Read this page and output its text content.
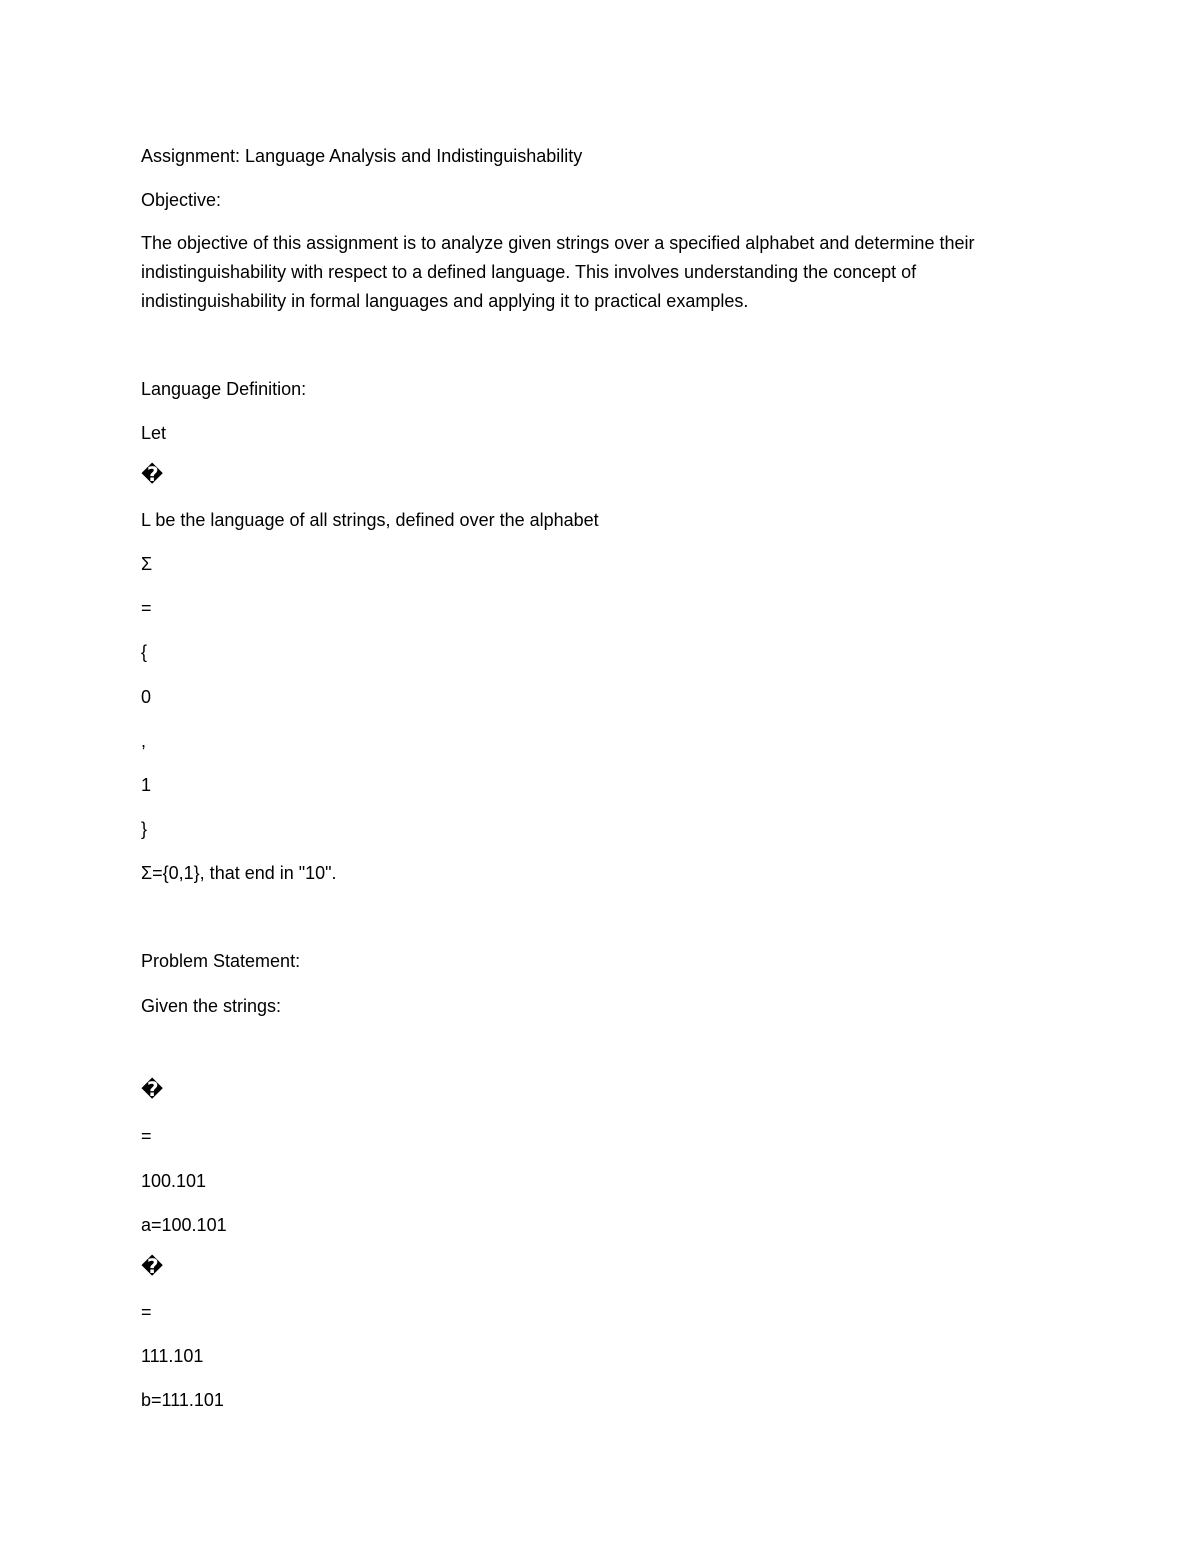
Assignment: Language Analysis and Indistinguishability
Objective:
The objective of this assignment is to analyze given strings over a specified alphabet and determine their
indistinguishability with respect to a defined language. This involves understanding the concept of
indistinguishability in formal languages and applying it to practical examples.
Language Definition:
Let
�
L be the language of all strings, defined over the alphabet
Σ
=
{
0
,
1
}
Σ={0,1}, that end in "10".
Problem Statement:
Given the strings:
�
=
100.101
a=100.101
�
=
111.101
b=111.101
